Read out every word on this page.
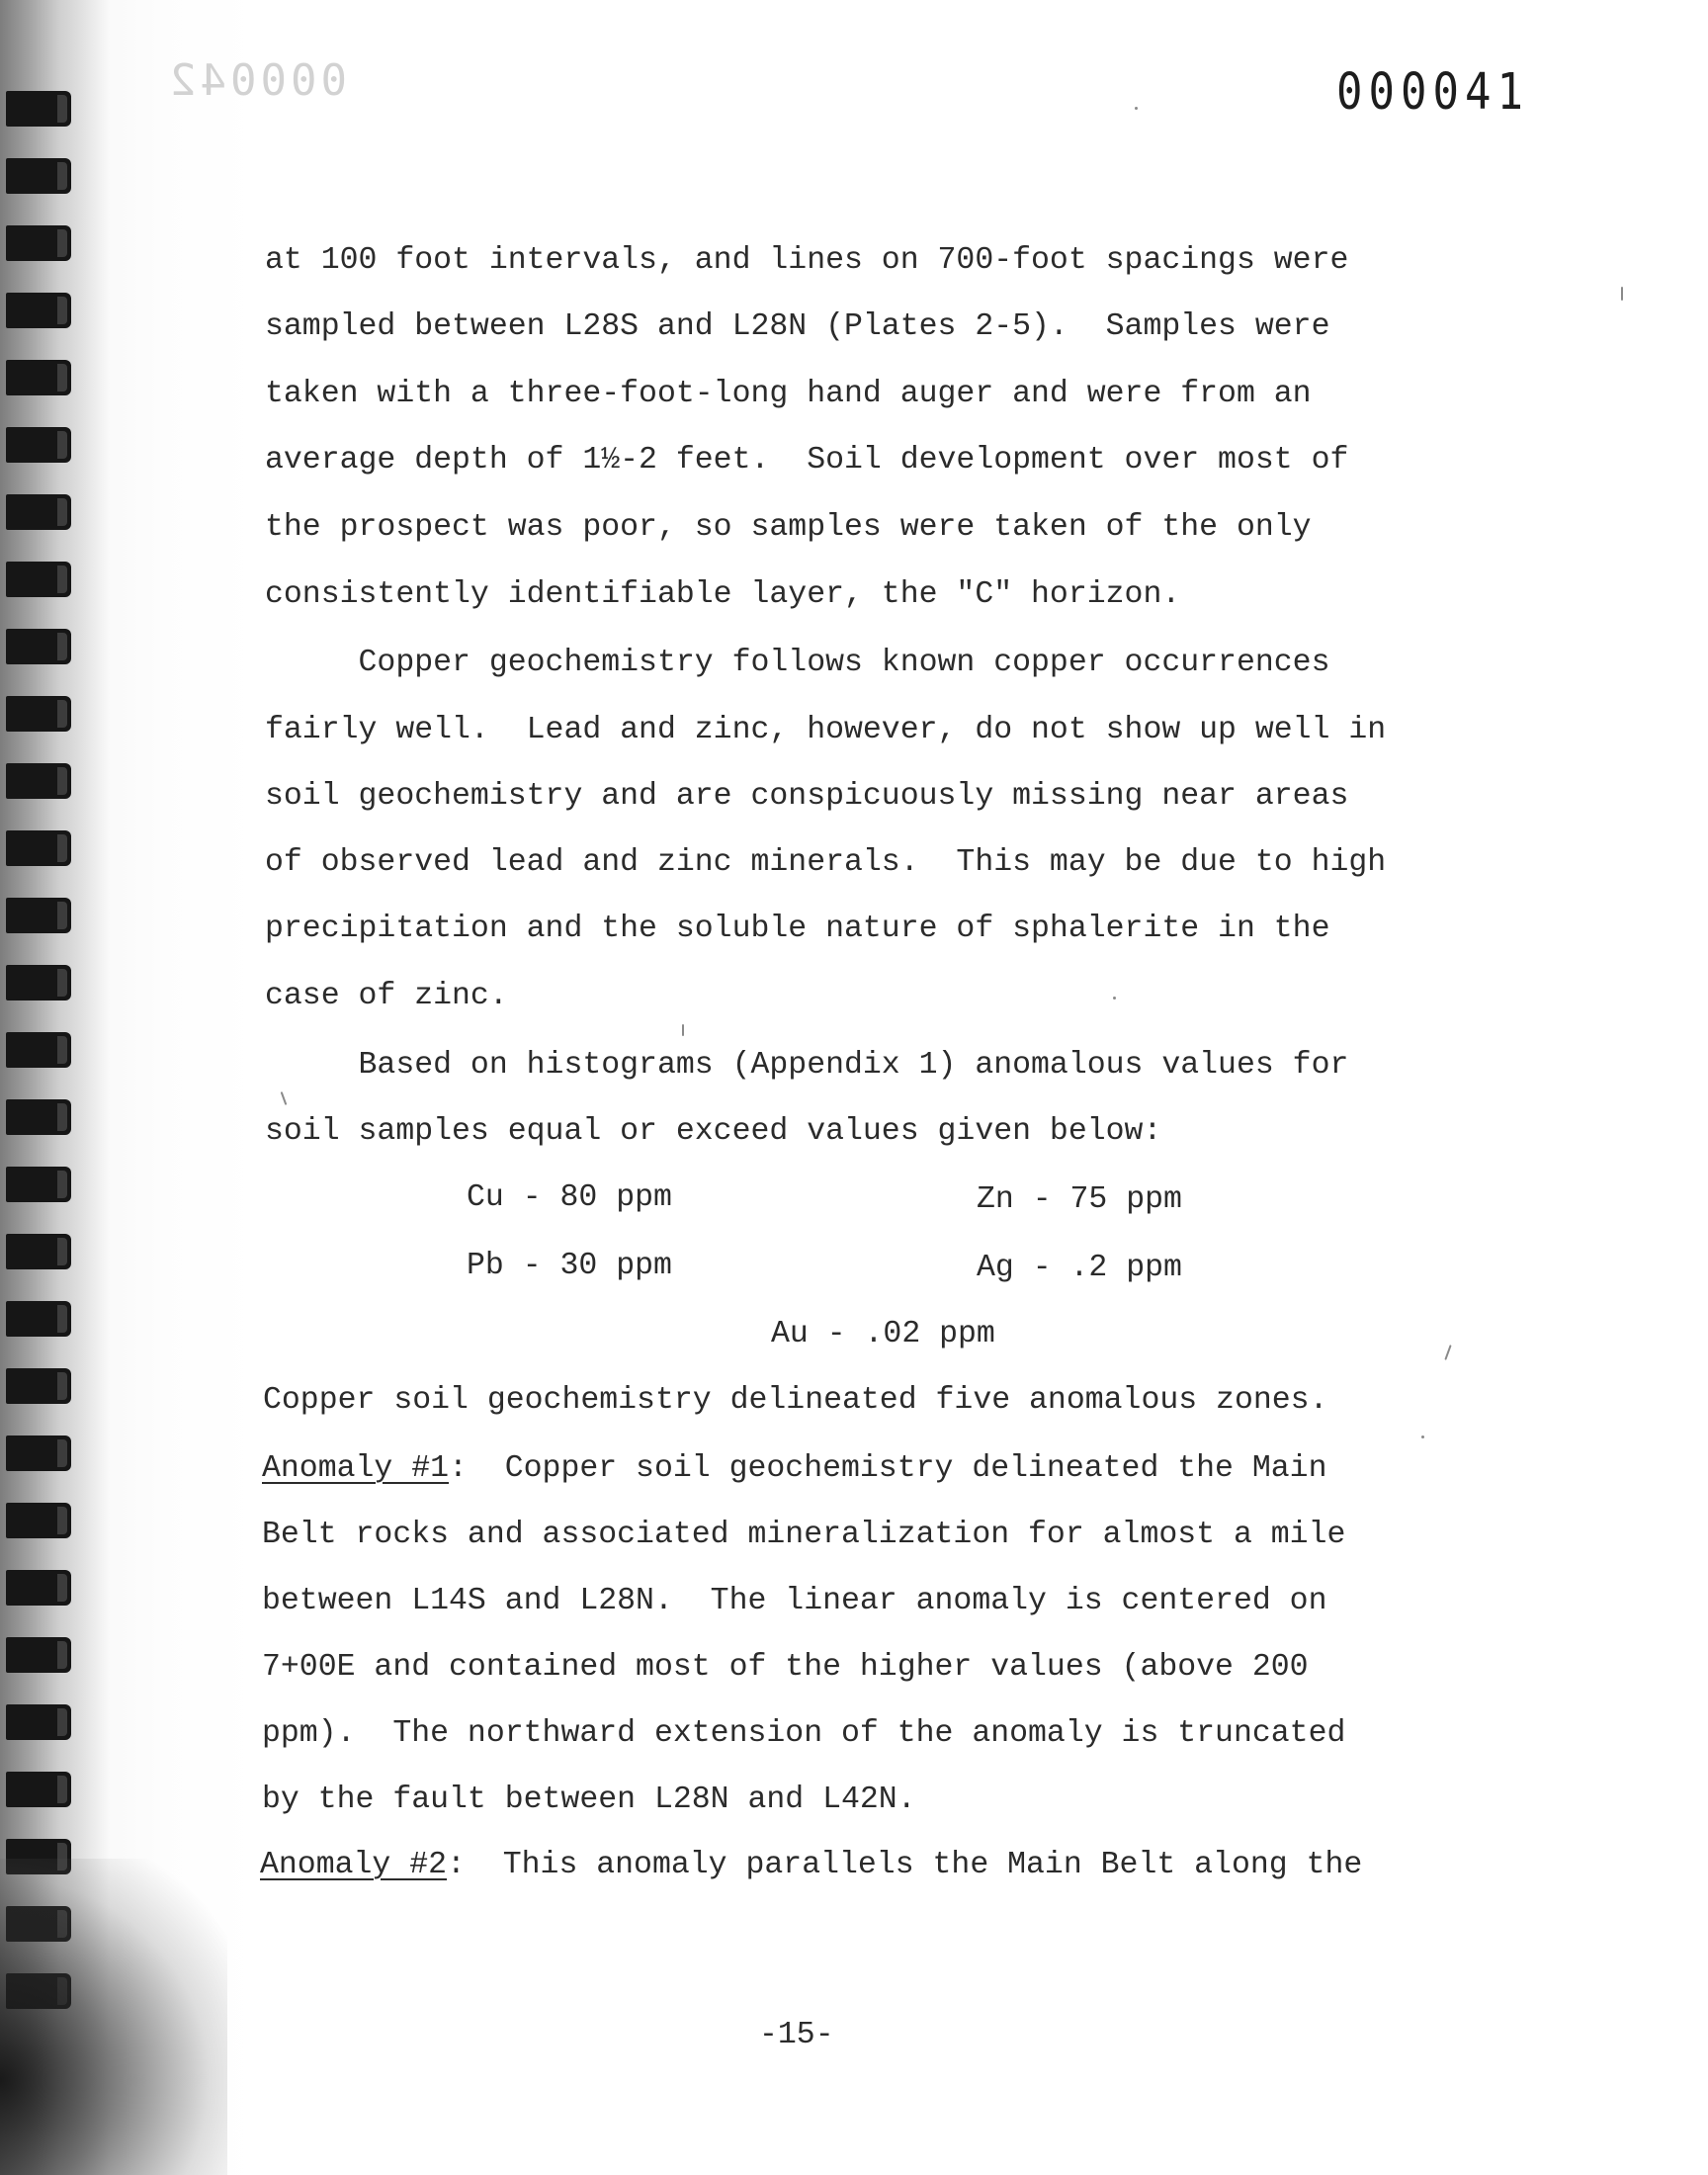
000042	000041
at 100 foot intervals, and lines on 700-foot spacings were
sampled between L28S and L28N (Plates 2-5).  Samples were
taken with a three-foot-long hand auger and were from an
average depth of 1½-2 feet.  Soil development over most of
the prospect was poor, so samples were taken of the only
consistently identifiable layer, the "C" horizon.
Copper geochemistry follows known copper occurrences
fairly well.  Lead and zinc, however, do not show up well in
soil geochemistry and are conspicuously missing near areas
of observed lead and zinc minerals.  This may be due to high
precipitation and the soluble nature of sphalerite in the
case of zinc.
Based on histograms (Appendix 1) anomalous values for
soil samples equal or exceed values given below:
Cu - 80 ppm	Zn - 75 ppm
Pb - 30 ppm	Ag - .2 ppm
Au - .02 ppm
Copper soil geochemistry delineated five anomalous zones.
Anomaly #1:  Copper soil geochemistry delineated the Main
Belt rocks and associated mineralization for almost a mile
between L14S and L28N.  The linear anomaly is centered on
7+00E and contained most of the higher values (above 200
ppm).  The northward extension of the anomaly is truncated
by the fault between L28N and L42N.
Anomaly #2:  This anomaly parallels the Main Belt along the
-15-
